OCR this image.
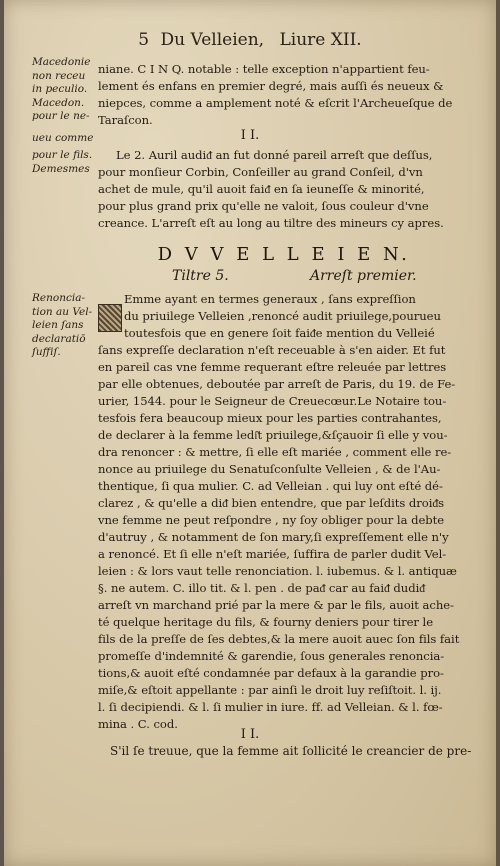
5 Du Velleien, Liure XII.
Macedonie
non receu
in peculio.
Macedon.
pour le ne-
ueu comme
pour le fils.
Demesmes
niane. C I N Q. notable : telle exception n'appartient feu-
lement és enfans en premier degré, mais auſſi és neueux &
niepces, comme a amplement noté & eſcrit l'Archeueſque de
Taraſcon.
I I.
Le 2. Auril audiᵭ an fut donné pareil arreſt que deſſus,
pour monſieur Corbin, Conſeiller au grand Conſeil, d'vn
achet de mule, qu'il auoit faiᵭ en ſa ieuneſſe & minorité,
pour plus grand prix qu'elle ne valoit, ſous couleur d'vne
creance. L'arreſt eſt au long au tiltre des mineurs cy apres.
D V V E L L E I E N.
Tiltre 5.	Arreſt premier.
Renoncia-
tion au Vel-
leien ſans
declaratiō
ſuffiſ.
Emme ayant en termes generaux , ſans expreſſion
du priuilege Velleien ,renoncé audit priuilege,pourueu
toutesfois que en genere ſoit faiᵭe mention du Velleié
ſans expreſſe declaration n'eſt receuable à s'en aider. Et fut
en pareil cas vne femme requerant eſtre releuée par lettres
par elle obtenues, deboutée par arreſt de Paris, du 19. de Fe-
urier, 1544. pour le Seigneur de Creuecœur.Le Notaire tou-
tesfois fera beaucoup mieux pour les parties contrahantes,
de declarer à la femme ledi͂t priuilege,&ſçauoir ſi elle y vou-
dra renoncer : & mettre, ſi elle eſt mariée , comment elle re-
nonce au priuilege du Senatuſconſulte Velleien , & de l'Au-
thentique, ſi qua mulier. C. ad Velleian . qui luy ont eſté dé-
clarez , & qu'elle a diᵭ bien entendre, que par leſdits droiᵭs
vne femme ne peut reſpondre , ny ſoy obliger pour la debte
d'autruy , & notamment de ſon mary,ſi expreſſement elle n'y
a renoncé. Et ſi elle n'eſt mariée, ſuffira de parler dudit Vel-
leien : & lors vaut telle renonciation. l. iubemus. & l. antiquæ
§. ne autem. C. illo tit. & l. pen . de paᵭ car au faiᵭ dudiᵭ
arreſt vn marchand prié par la mere & par le fils, auoit ache-
té quelque heritage du fils, & fourny deniers pour tirer le
fils de la preſſe de ſes debtes,& la mere auoit auec ſon fils fait
promeſſe d'indemnité & garendie, ſous generales renoncia-
tions,& auoit eſté condamnée par defaux à la garandie pro-
miſe,& eſtoit appellante : par ainſi le droit luy reſiſtoit. l. ij.
l. ſi decipiendi. & l. ſi mulier in iure. ff. ad Velleian. & l. fœ-
mina . C. cod.
I I.
S'il ſe treuue, que la femme ait ſollicité le creancier de pre-
